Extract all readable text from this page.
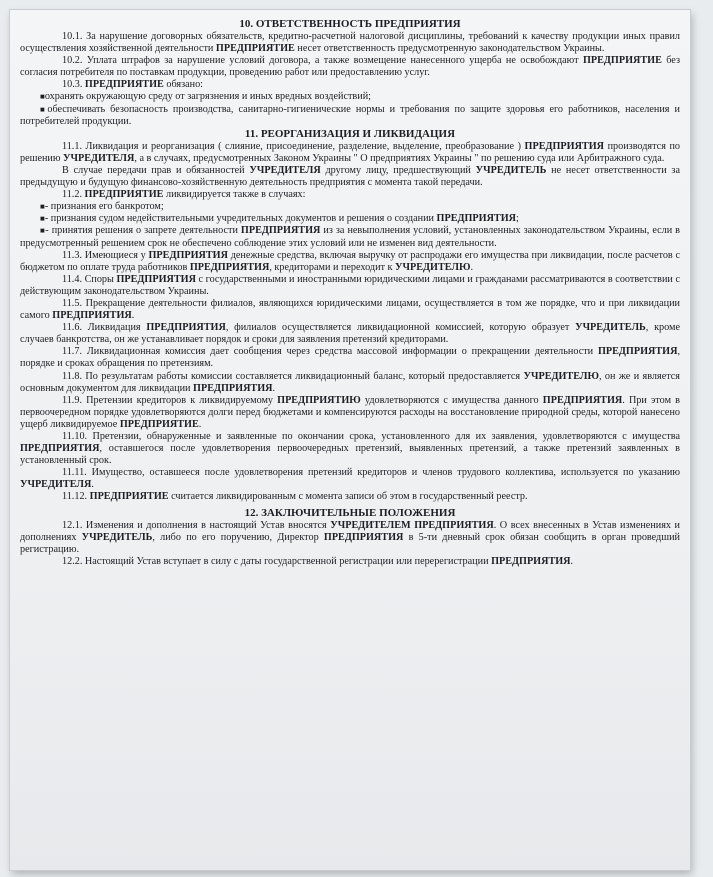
10. ОТВЕТСТВЕННОСТЬ ПРЕДПРИЯТИЯ

10.1. За нарушение договорных обязательств, кредитно-расчетной налоговой дисциплины, требований к качеству продукции иных правил осуществления хозяйственной деятельности ПРЕДПРИЯТИЕ несет ответственность предусмотренную законодательством Украины.

10.2. Уплата штрафов за нарушение условий договора, а также возмещение нанесенного ущерба не освобождают ПРЕДПРИЯТИЕ без согласия потребителя по поставкам продукции, проведению работ или предоставлению услуг.

10.3. ПРЕДПРИЯТИЕ обязано:

■ охранять окружающую среду от загрязнения и иных вредных воздействий;

■ обеспечивать безопасность производства, санитарно-гигиенические нормы и требования по защите здоровья его работников, населения и потребителей продукции.

11. РЕОРГАНИЗАЦИЯ И ЛИКВИДАЦИЯ

11.1. Ликвидация и реорганизация ( слияние, присоединение, разделение, выделение, преобразование ) ПРЕДПРИЯТИЯ производятся по решению УЧРЕДИТЕЛЯ, а в случаях, предусмотренных Законом Украины " О предприятиях Украины " по решению суда или Арбитражного суда.

В случае передачи прав и обязанностей УЧРЕДИТЕЛЯ другому лицу, предшествующий УЧРЕДИТЕЛЬ не несет ответственности за предыдущую и будущую финансово-хозяйственную деятельность предприятия с момента такой передачи.

11.2. ПРЕДПРИЯТИЕ ликвидируется также в случаях:

■ - признания его банкротом;

■ - признания судом недействительными учредительных документов и решения о создании ПРЕДПРИЯТИЯ;

■ - принятия решения о запрете деятельности ПРЕДПРИЯТИЯ из за невыполнения условий, установленных законодательством Украины, если в предусмотренный решением срок не обеспечено соблюдение этих условий или не изменен вид деятельности.

11.3. Имеющиеся у ПРЕДПРИЯТИЯ денежные средства, включая выручку от распродажи его имущества при ликвидации, после расчетов с бюджетом по оплате труда работников ПРЕДПРИЯТИЯ, кредиторами и переходит к УЧРЕДИТЕЛЮ.

11.4. Споры ПРЕДПРИЯТИЯ с государственными и иностранными юридическими лицами и гражданами рассматриваются в соответствии с действующим законодательством Украины.

11.5. Прекращение деятельности филиалов, являющихся юридическими лицами, осуществляется в том же порядке, что и при ликвидации самого ПРЕДПРИЯТИЯ.

11.6. Ликвидация ПРЕДПРИЯТИЯ, филиалов осуществляется ликвидационной комиссией, которую образует УЧРЕДИТЕЛЬ, кроме случаев банкротства, он же устанавливает порядок и сроки для заявления претензий кредиторами.

11.7. Ликвидационная комиссия дает сообщения через средства массовой информации о прекращении деятельности ПРЕДПРИЯТИЯ, порядке и сроках обращения по претензиям.

11.8. По результатам работы комиссии составляется ликвидационный баланс, который предоставляется УЧРЕДИТЕЛЮ, он же и является основным документом для ликвидации ПРЕДПРИЯТИЯ.

11.9. Претензии кредиторов к ликвидируемому ПРЕДПРИЯТИЮ удовлетворяются с имущества данного ПРЕДПРИЯТИЯ. При этом в первоочередном порядке удовлетворяются долги перед бюджетами и компенсируются расходы на восстановление природной среды, которой нанесено ущерб ликвидируемое ПРЕДПРИЯТИЕ.

11.10. Претензии, обнаруженные и заявленные по окончании срока, установленного для их заявления, удовлетворяются с имущества ПРЕДПРИЯТИЯ, оставшегося после удовлетворения первоочередных претензий, выявленных претензий, а также претензий заявленных в установленный срок.

11.11. Имущество, оставшееся после удовлетворения претензий кредиторов и членов трудового коллектива, используется по указанию УЧРЕДИТЕЛЯ.

11.12. ПРЕДПРИЯТИЕ считается ликвидированным с момента записи об этом в государственный реестр.

12. ЗАКЛЮЧИТЕЛЬНЫЕ ПОЛОЖЕНИЯ

12.1. Изменения и дополнения в настоящий Устав вносятся УЧРЕДИТЕЛЕМ ПРЕДПРИЯТИЯ. О всех внесенных в Устав изменениях и дополнениях УЧРЕДИТЕЛЬ, либо по его поручению, Директор ПРЕДПРИЯТИЯ в 5-ти дневный срок обязан сообщить в орган проведший регистрацию.

12.2. Настоящий Устав вступает в силу с даты государственной регистрации или перерегистрации ПРЕДПРИЯТИЯ.
